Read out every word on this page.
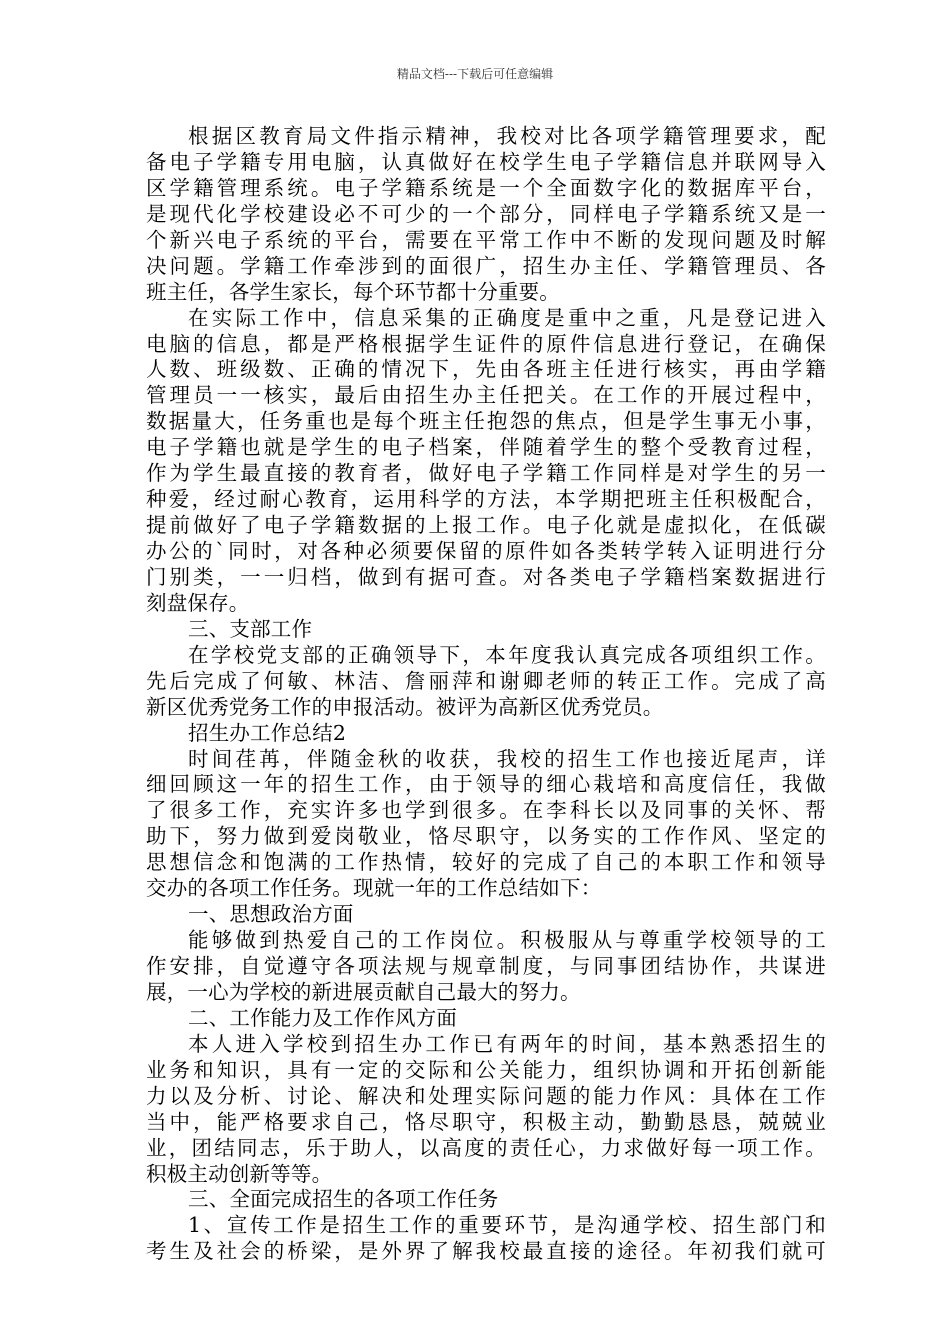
精品文档---下载后可任意编辑
根据区教育局文件指示精神，我校对比各项学籍管理要求，配
备电子学籍专用电脑，认真做好在校学生电子学籍信息并联网导入
区学籍管理系统。电子学籍系统是一个全面数字化的数据库平台，
是现代化学校建设必不可少的一个部分，同样电子学籍系统又是一
个新兴电子系统的平台，需要在平常工作中不断的发现问题及时解
决问题。学籍工作牵涉到的面很广，招生办主任、学籍管理员、各
班主任，各学生家长，每个环节都十分重要。
在实际工作中，信息采集的正确度是重中之重，凡是登记进入
电脑的信息，都是严格根据学生证件的原件信息进行登记，在确保
人数、班级数、正确的情况下，先由各班主任进行核实，再由学籍
管理员一一核实，最后由招生办主任把关。在工作的开展过程中，
数据量大，任务重也是每个班主任抱怨的焦点，但是学生事无小事，
电子学籍也就是学生的电子档案，伴随着学生的整个受教育过程，
作为学生最直接的教育者，做好电子学籍工作同样是对学生的另一
种爱，经过耐心教育，运用科学的方法，本学期把班主任积极配合，
提前做好了电子学籍数据的上报工作。电子化就是虚拟化，在低碳
办公的`同时，对各种必须要保留的原件如各类转学转入证明进行分
门别类，一一归档，做到有据可查。对各类电子学籍档案数据进行
刻盘保存。
三、支部工作
在学校党支部的正确领导下，本年度我认真完成各项组织工作。
先后完成了何敏、林洁、詹丽萍和谢卿老师的转正工作。完成了高
新区优秀党务工作的申报活动。被评为高新区优秀党员。
招生办工作总结2
时间荏苒，伴随金秋的收获，我校的招生工作也接近尾声，详
细回顾这一年的招生工作，由于领导的细心栽培和高度信任，我做
了很多工作，充实许多也学到很多。在李科长以及同事的关怀、帮
助下，努力做到爱岗敬业，恪尽职守，以务实的工作作风、坚定的
思想信念和饱满的工作热情，较好的完成了自己的本职工作和领导
交办的各项工作任务。现就一年的工作总结如下：
一、思想政治方面
能够做到热爱自己的工作岗位。积极服从与尊重学校领导的工
作安排，自觉遵守各项法规与规章制度，与同事团结协作，共谋进
展，一心为学校的新进展贡献自己最大的努力。
二、工作能力及工作作风方面
本人进入学校到招生办工作已有两年的时间，基本熟悉招生的
业务和知识，具有一定的交际和公关能力，组织协调和开拓创新能
力以及分析、讨论、解决和处理实际问题的能力作风：具体在工作
当中，能严格要求自己，恪尽职守，积极主动，勤勤恳恳，兢兢业
业，团结同志，乐于助人，以高度的责任心，力求做好每一项工作。
积极主动创新等等。
三、全面完成招生的各项工作任务
1、宣传工作是招生工作的重要环节，是沟通学校、招生部门和
考生及社会的桥梁，是外界了解我校最直接的途径。年初我们就可
